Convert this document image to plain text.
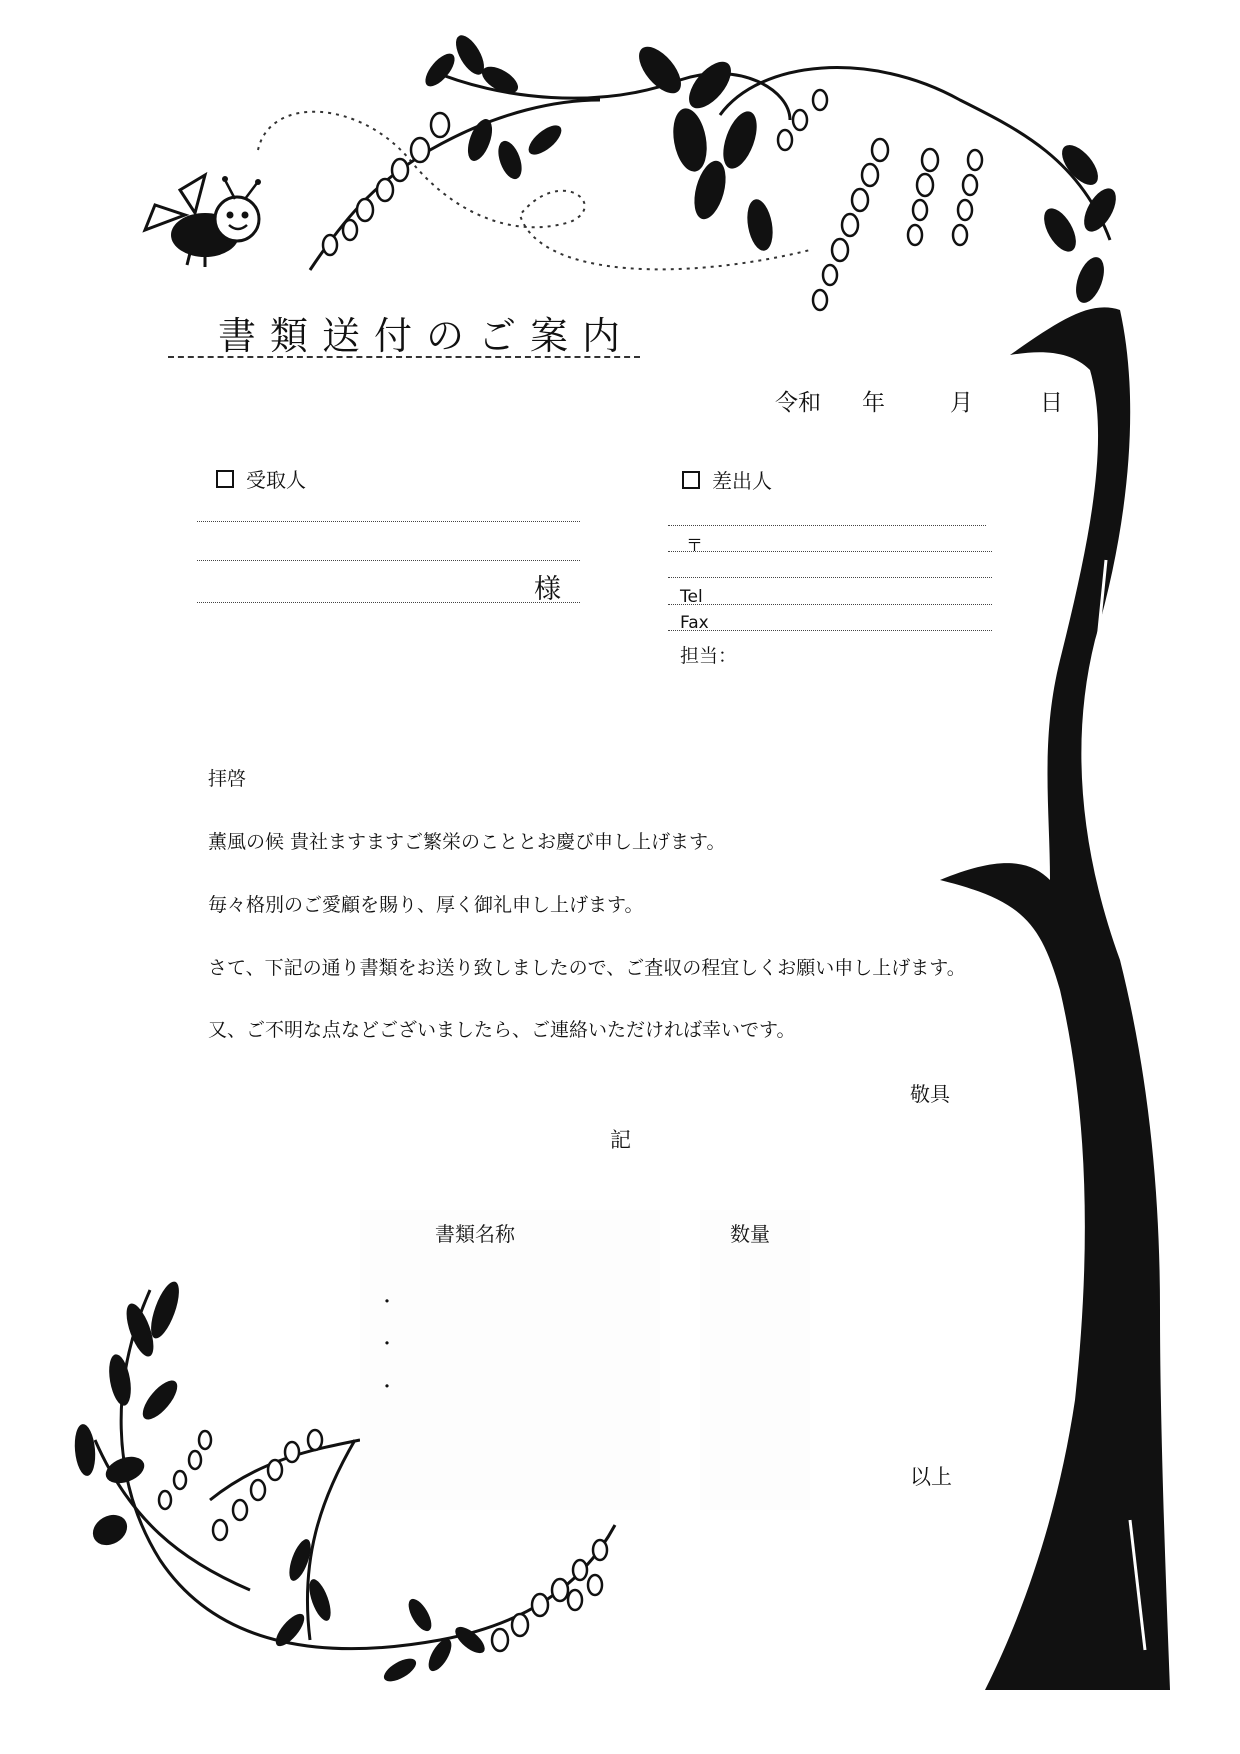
書類送付のご案内
令和 年	月	日
受取人
様
差出人
〒
Tel
Fax
担当：
拝啓
薫風の候 貴社ますますご繁栄のこととお慶び申し上げます。
毎々格別のご愛顧を賜り、厚く御礼申し上げます。
さて、下記の通り書類をお送り致しましたので、ご査収の程宜しくお願い申し上げます。
又、ご不明な点などございましたら、ご連絡いただければ幸いです。
敬具
記
書類名称	数量
・
・
・
以上
